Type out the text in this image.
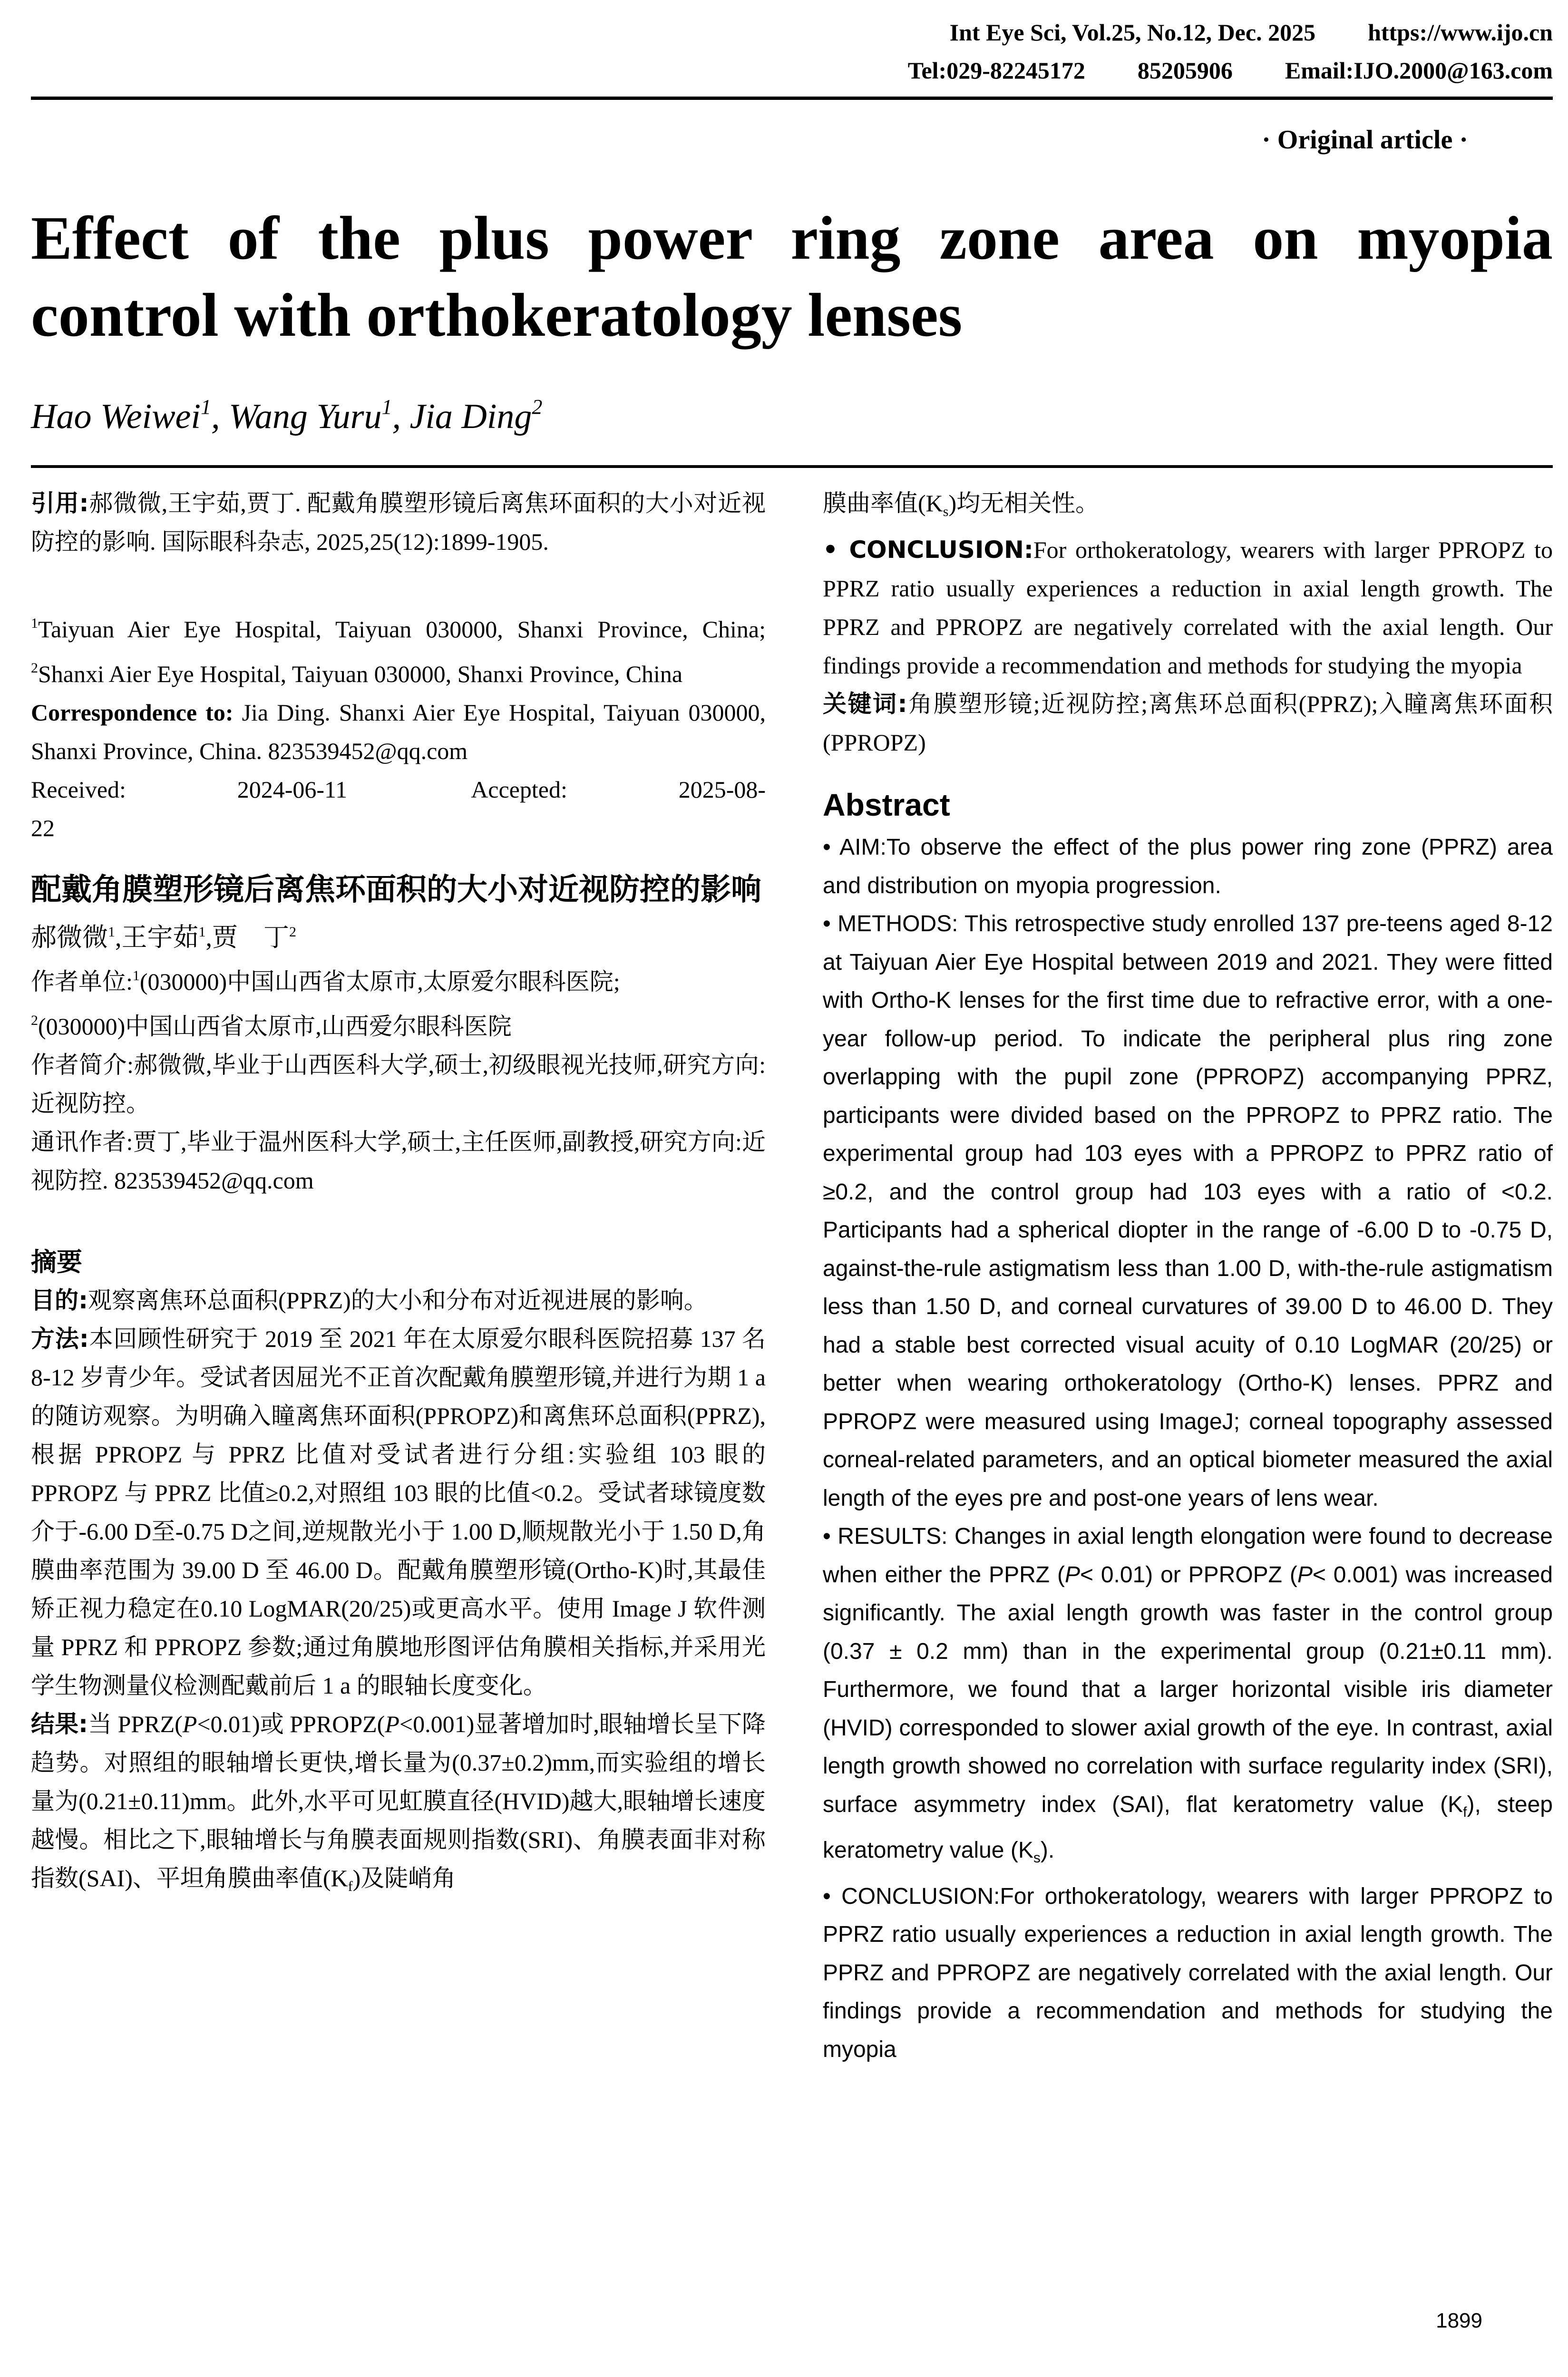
Int Eye Sci, Vol.25, No.12, Dec. 2025 https://www.ijo.cn
Tel:029-82245172 85205906 Email:IJO.2000@163.com
· Original article ·
Effect of the plus power ring zone area on myopia
control with orthokeratology lenses
Hao Weiwei$^1$, Wang Yuru$^1$, Jia Ding$^2$

引用:郝微微,王宇茹,贾丁. 配戴角膜塑形镜后离焦环面积的大小对近视防控的影响. 国际眼科杂志, 2025,25(12):1899-1905.

$^1$Taiyuan Aier Eye Hospital, Taiyuan 030000, Shanxi Province, China; $^2$Shanxi Aier Eye Hospital, Taiyuan 030000, Shanxi Province, China

Correspondence to: Jia Ding. Shanxi Aier Eye Hospital, Taiyuan 030000, Shanxi Province, China. 823539452@qq.com

Received:	2024-06-11	Accepted:	2025-08-22

配戴角膜塑形镜后离焦环面积的大小对近视防控的影响

郝微微$^1$,王宇茹$^1$,贾　丁$^2$

作者单位:$^1$(030000)中国山西省太原市,太原爱尔眼科医院;
$^2$(030000)中国山西省太原市,山西爱尔眼科医院

作者简介:郝微微,毕业于山西医科大学,硕士,初级眼视光技师,研究方向:近视防控。

通讯作者:贾丁,毕业于温州医科大学,硕士,主任医师,副教授,研究方向:近视防控. 823539452@qq.com

摘要

目的:观察离焦环总面积(PPRZ)的大小和分布对近视进展的影响。

方法:本回顾性研究于 2019 至 2021 年在太原爱尔眼科医院招募 137 名 8-12 岁青少年。受试者因屈光不正首次配戴角膜塑形镜,并进行为期 1 a 的随访观察。为明确入瞳离焦环面积(PPROPZ)和离焦环总面积(PPRZ),根据 PPROPZ 与 PPRZ 比值对受试者进行分组:实验组 103 眼的 PPROPZ 与 PPRZ 比值≥0.2,对照组 103 眼的比值<0.2。受试者球镜度数介于-6.00 D至-0.75 D之间,逆规散光小于 1.00 D,顺规散光小于 1.50 D,角膜曲率范围为 39.00 D 至 46.00 D。配戴角膜塑形镜(Ortho-K)时,其最佳矫正视力稳定在0.10 LogMAR(20/25)或更高水平。使用 Image J 软件测量 PPRZ 和 PPROPZ 参数;通过角膜地形图评估角膜相关指标,并采用光学生物测量仪检测配戴前后 1 a 的眼轴长度变化。

结果:当 PPRZ(P<0.01)或 PPROPZ(P<0.001)显著增加时,眼轴增长呈下降趋势。对照组的眼轴增长更快,增长量为(0.37±0.2)mm,而实验组的增长量为(0.21±0.11)mm。此外,水平可见虹膜直径(HVID)越大,眼轴增长速度越慢。相比之下,眼轴增长与角膜表面规则指数(SRI)、角膜表面非对称指数(SAI)、平坦角膜曲率值$(K_f)$及陡峭角

膜曲率值$(K_s)$均无相关性。

• CONCLUSION:For orthokeratology, wearers with larger PPROPZ to PPRZ ratio usually experiences a reduction in axial length growth. The PPRZ and PPROPZ are negatively correlated with the axial length. Our findings provide a recommendation and methods for studying the myopia

关键词:角膜塑形镜;近视防控;离焦环总面积(PPRZ);入瞳离焦环面积(PPROPZ)

Abstract

• AIM:To observe the effect of the plus power ring zone (PPRZ) area and distribution on myopia progression.

• METHODS: This retrospective study enrolled 137 pre-teens aged 8-12 at Taiyuan Aier Eye Hospital between 2019 and 2021. They were fitted with Ortho-K lenses for the first time due to refractive error, with a one-year follow-up period. To indicate the peripheral plus ring zone overlapping with the pupil zone (PPROPZ) accompanying PPRZ, participants were divided based on the PPROPZ to PPRZ ratio. The experimental group had 103 eyes with a PPROPZ to PPRZ ratio of ≥0.2, and the control group had 103 eyes with a ratio of <0.2. Participants had a spherical diopter in the range of -6.00 D to -0.75 D, against-the-rule astigmatism less than 1.00 D, with-the-rule astigmatism less than 1.50 D, and corneal curvatures of 39.00 D to 46.00 D. They had a stable best corrected visual acuity of 0.10 LogMAR (20/25) or better when wearing orthokeratology (Ortho-K) lenses. PPRZ and PPROPZ were measured using ImageJ; corneal topography assessed corneal-related parameters, and an optical biometer measured the axial length of the eyes pre and post-one years of lens wear.

• RESULTS: Changes in axial length elongation were found to decrease when either the PPRZ (P< 0.01) or PPROPZ (P< 0.001) was increased significantly. The axial length growth was faster in the control group (0.37 ± 0.2 mm) than in the experimental group (0.21±0.11 mm). Furthermore, we found that a larger horizontal visible iris diameter (HVID) corresponded to slower axial growth of the eye. In contrast, axial length growth showed no correlation with surface regularity index (SRI), surface asymmetry index (SAI), flat keratometry value $(K_f)$, steep keratometry value $(K_s)$.

• CONCLUSION:For orthokeratology, wearers with larger PPROPZ to PPRZ ratio usually experiences a reduction in axial length growth. The PPRZ and PPROPZ are negatively correlated with the axial length. Our findings provide a recommendation and methods for studying the myopia

1899
